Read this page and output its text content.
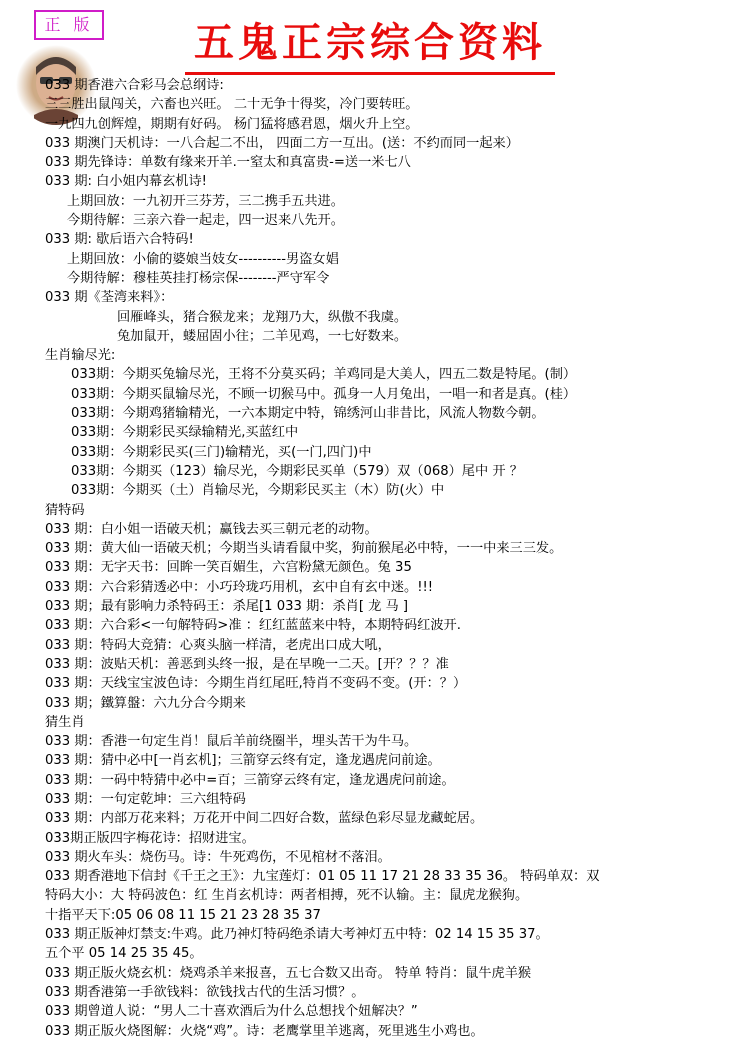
正 版	五鬼正宗综合资料
033 期香港六合彩马会总纲诗:
三三胜出鼠闯关，六畜也兴旺。 二十无争十得奖，冷门要转旺。
一九四九创辉煌，期期有好码。 杨门猛将感君恩，烟火升上空。
033 期澳门天机诗：一八合起二不出， 四面二方一互出。(送：不约而同一起来）
033 期先锋诗：单数有缘来开羊.一窒太和真富贵-=送一米七八
033 期: 白小姐内幕玄机诗!
上期回放：一九初开三芬芳，三二携手五共进。
今期待解：三亲六眷一起走，四一迟来八先开。
033 期: 歇后语六合特码!
上期回放：小偷的婆娘当妓女----------男盗女娼
今期待解：穆桂英挂打杨宗保--------严守军令
033 期《荃湾来料》：
回雁峰头，猪合猴龙来；龙翔乃大，纵傲不我虞。
兔加鼠开，蝼屈固小往；二羊见鸡，一七好数来。
生肖输尽光:
033期：今期买兔输尽光，王将不分莫买码；羊鸡同是大美人，四五二数是特尾。(制）
033期：今期买鼠输尽光，不顾一切猴马中。孤身一人月兔出，一唱一和者是真。(桂）
033期：今期鸡猪输精光，一六本期定中特，锦绣河山非昔比，风流人物数今朝。
033期：今期彩民买绿输精光,买蓝红中
033期：今期彩民买(三门)输精光，买(一门,四门)中
033期：今期买（123）输尽光，今期彩民买单（579）双（068）尾中 开 ？
033期：今期买（土）肖输尽光，今期彩民买主（木）防(火）中
猜特码
033 期：白小姐一语破天机；赢钱去买三朝元老的动物。
033 期：黄大仙一语破天机；今期当头请看鼠中奖，狗前猴尾必中特，一一中来三三发。
033 期：无字天书：回眸一笑百媚生，六宫粉黛无颜色。兔 35
033 期：六合彩猜透必中：小巧玲珑巧用机，玄中自有玄中迷。!!!
033 期；最有影响力杀特码王：杀尾[1 033 期：杀肖[ 龙 马 ]
033 期：六合彩<一句解特码>准 ：红红蓝蓝来中特，本期特码红波开.
033 期：特码大竞猜：心爽头脑一样清，老虎出口成大吼，
033 期：波贴天机：善恶到头终一报，是在早晚一二天。[开？？？准
033 期：天线宝宝波色诗：今期生肖红尾旺,特肖不变码不变。(开：？）
033 期；鐵算盤：六九分合今期来
猜生肖
033 期：香港一句定生肖！鼠后羊前绕圈半，埋头苦干为牛马。
033 期：猜中必中[一肖玄机]；三箭穿云终有定，逢龙遇虎问前途。
033 期：一码中特猜中必中=百；三箭穿云终有定，逢龙遇虎问前途。
033 期：一句定乾坤：三六组特码
033 期：内部万花来料；万花开中间二四好合数，蓝绿色彩尽显龙藏蛇居。
033期正版四字梅花诗：招财进宝。
033 期火车头：烧伤马。诗：牛死鸡伤，不见棺材不落泪。
033 期香港地下信封《千王之王》：九宝莲灯：01 05 11 17 21 28 33 35 36。 特码单双：双
特码大小：大 特码波色：红 生肖玄机诗：两者相搏，死不认输。主：鼠虎龙猴狗。
十指平天下:05 06 08 11 15 21 23 28 35 37
033 期正版神灯禁支:牛鸡。此乃神灯特码绝杀请大考神灯五中特：02 14 15 35 37。
五个平 05 14 25 35 45。
033 期正版火烧玄机：烧鸡杀羊来报喜，五七合数又出奇。 特单 特肖：鼠牛虎羊猴
033 期香港第一手欲钱料：欲钱找古代的生活习惯？。
033 期曾道人说：“男人二十喜欢酒后为什么总想找个妞解决？”
033 期正版火烧图解：火烧“鸡”。诗：老鹰掌里羊逃离，死里逃生小鸡也。
